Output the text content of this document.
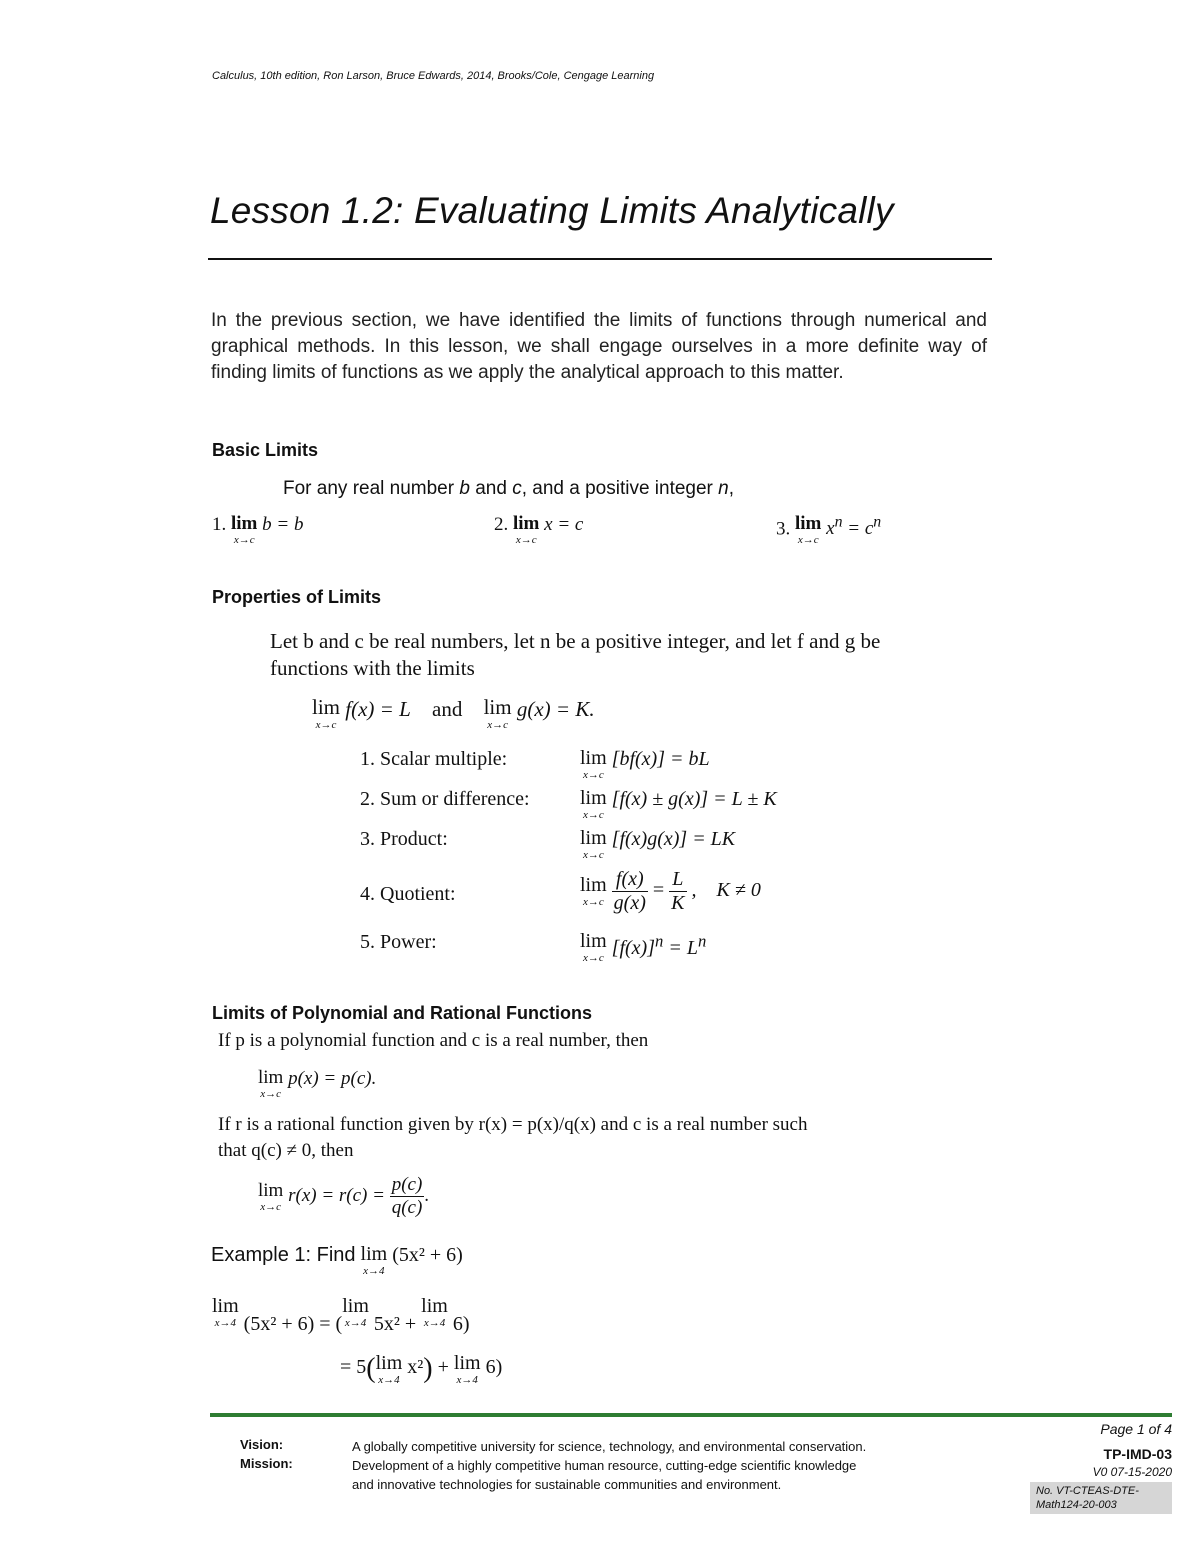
Calculus, 10th edition, Ron Larson, Bruce Edwards, 2014, Brooks/Cole, Cengage Learning
Lesson 1.2: Evaluating Limits Analytically

In the previous section, we have identified the limits of functions through numerical and graphical methods. In this lesson, we shall engage ourselves in a more definite way of finding limits of functions as we apply the analytical approach to this matter.

Basic Limits
For any real number b and c, and a positive integer n,
1. lim
x→c
b = b	2. lim
x→c
x = c	3. lim
x→c
$x^n = c^n$
Properties of Limits
Let b and c be real numbers, let n be a positive integer, and let f and g be
functions with the limits
lim
x→c
f(x) = L and lim
x→c
g(x) = K.
1. Scalar multiple:	lim
x→c
[bf(x)] = bL
2. Sum or difference:	lim
x→c
[f(x) ± g(x)] = L ± K
3. Product:	lim
x→c
[f(x)g(x)] = LK
4. Quotient:	lim
x→c
$\frac{f(x)}{g(x)} = \frac{L}{K}$ ,    K ≠ 0
5. Power:	lim
x→c $[f(x)]^n = L^n$
Limits of Polynomial and Rational Functions
If p is a polynomial function and c is a real number, then
lim
x→c
p(x) = p(c).
If r is a rational function given by r(x) = p(x)/q(x) and c is a real number such
that q(c) ≠ 0, then
lim
x→c
$r(x) = r(c) = \frac{p(c)}{q(c)}$ .
Example 1: Find lim
x→4
(5x² + 6)
lim
x→4 (5x² + 6) = (
lim
x→4 5x² +
lim
x→4 6)
= 5( lim
x→4
x²) + lim
x→4
6)
Vision:
Mission:
A globally competitive university for science, technology, and environmental conservation.
Development of a highly competitive human resource, cutting-edge scientific knowledge
and innovative technologies for sustainable communities and environment.
Page 1 of 4
TP-IMD-03
V0 07-15-2020
No. VT-CTEAS-DTE-
Math124-20-003
